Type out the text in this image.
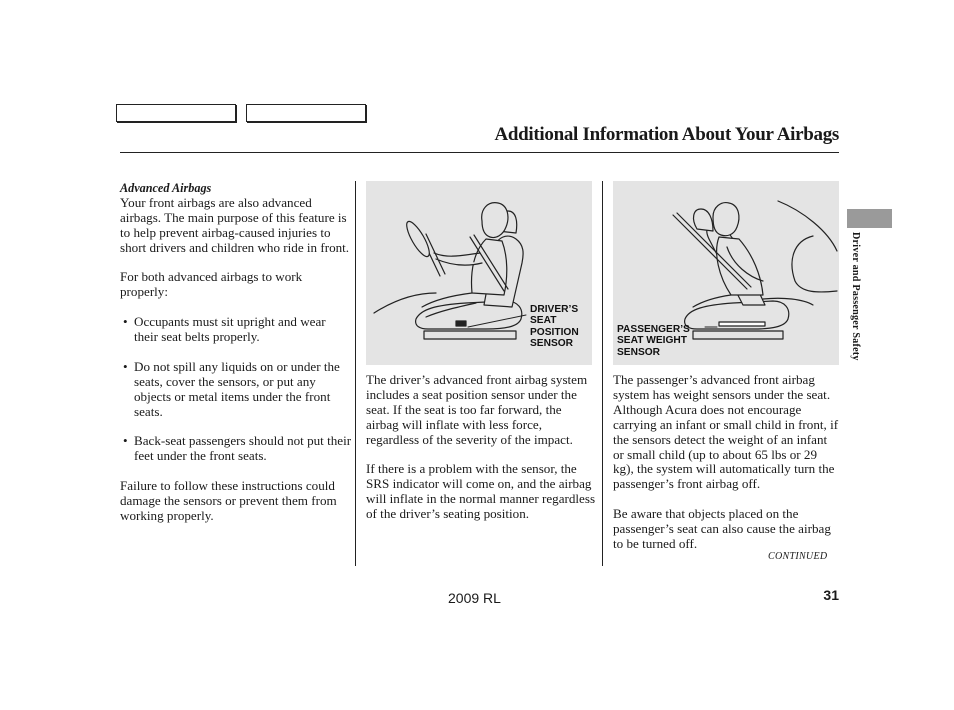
Additional Information About Your Airbags
Advanced Airbags

Your front airbags are also advanced airbags. The main purpose of this feature is to help prevent airbag-caused injuries to short drivers and children who ride in front.

For both advanced airbags to work properly:

• Occupants must sit upright and wear their seat belts properly.
• Do not spill any liquids on or under the seats, cover the sensors, or put any objects or metal items under the front seats.
• Back-seat passengers should not put their feet under the front seats.

Failure to follow these instructions could damage the sensors or prevent them from working properly.

DRIVER’S
SEAT
POSITION
SENSOR

The driver’s advanced front airbag system includes a seat position sensor under the seat. If the seat is too far forward, the airbag will inflate with less force, regardless of the severity of the impact.

If there is a problem with the sensor, the SRS indicator will come on, and the airbag will inflate in the normal manner regardless of the driver’s seating position.

PASSENGER’S
SEAT WEIGHT
SENSOR

The passenger’s advanced front airbag system has weight sensors under the seat. Although Acura does not encourage carrying an infant or small child in front, if the sensors detect the weight of an infant or small child (up to about 65 lbs or 29 kg), the system will automatically turn the passenger’s front airbag off.

Be aware that objects placed on the passenger’s seat can also cause the airbag to be turned off.

CONTINUED
Driver and Passenger Safety
2009 RL	31
